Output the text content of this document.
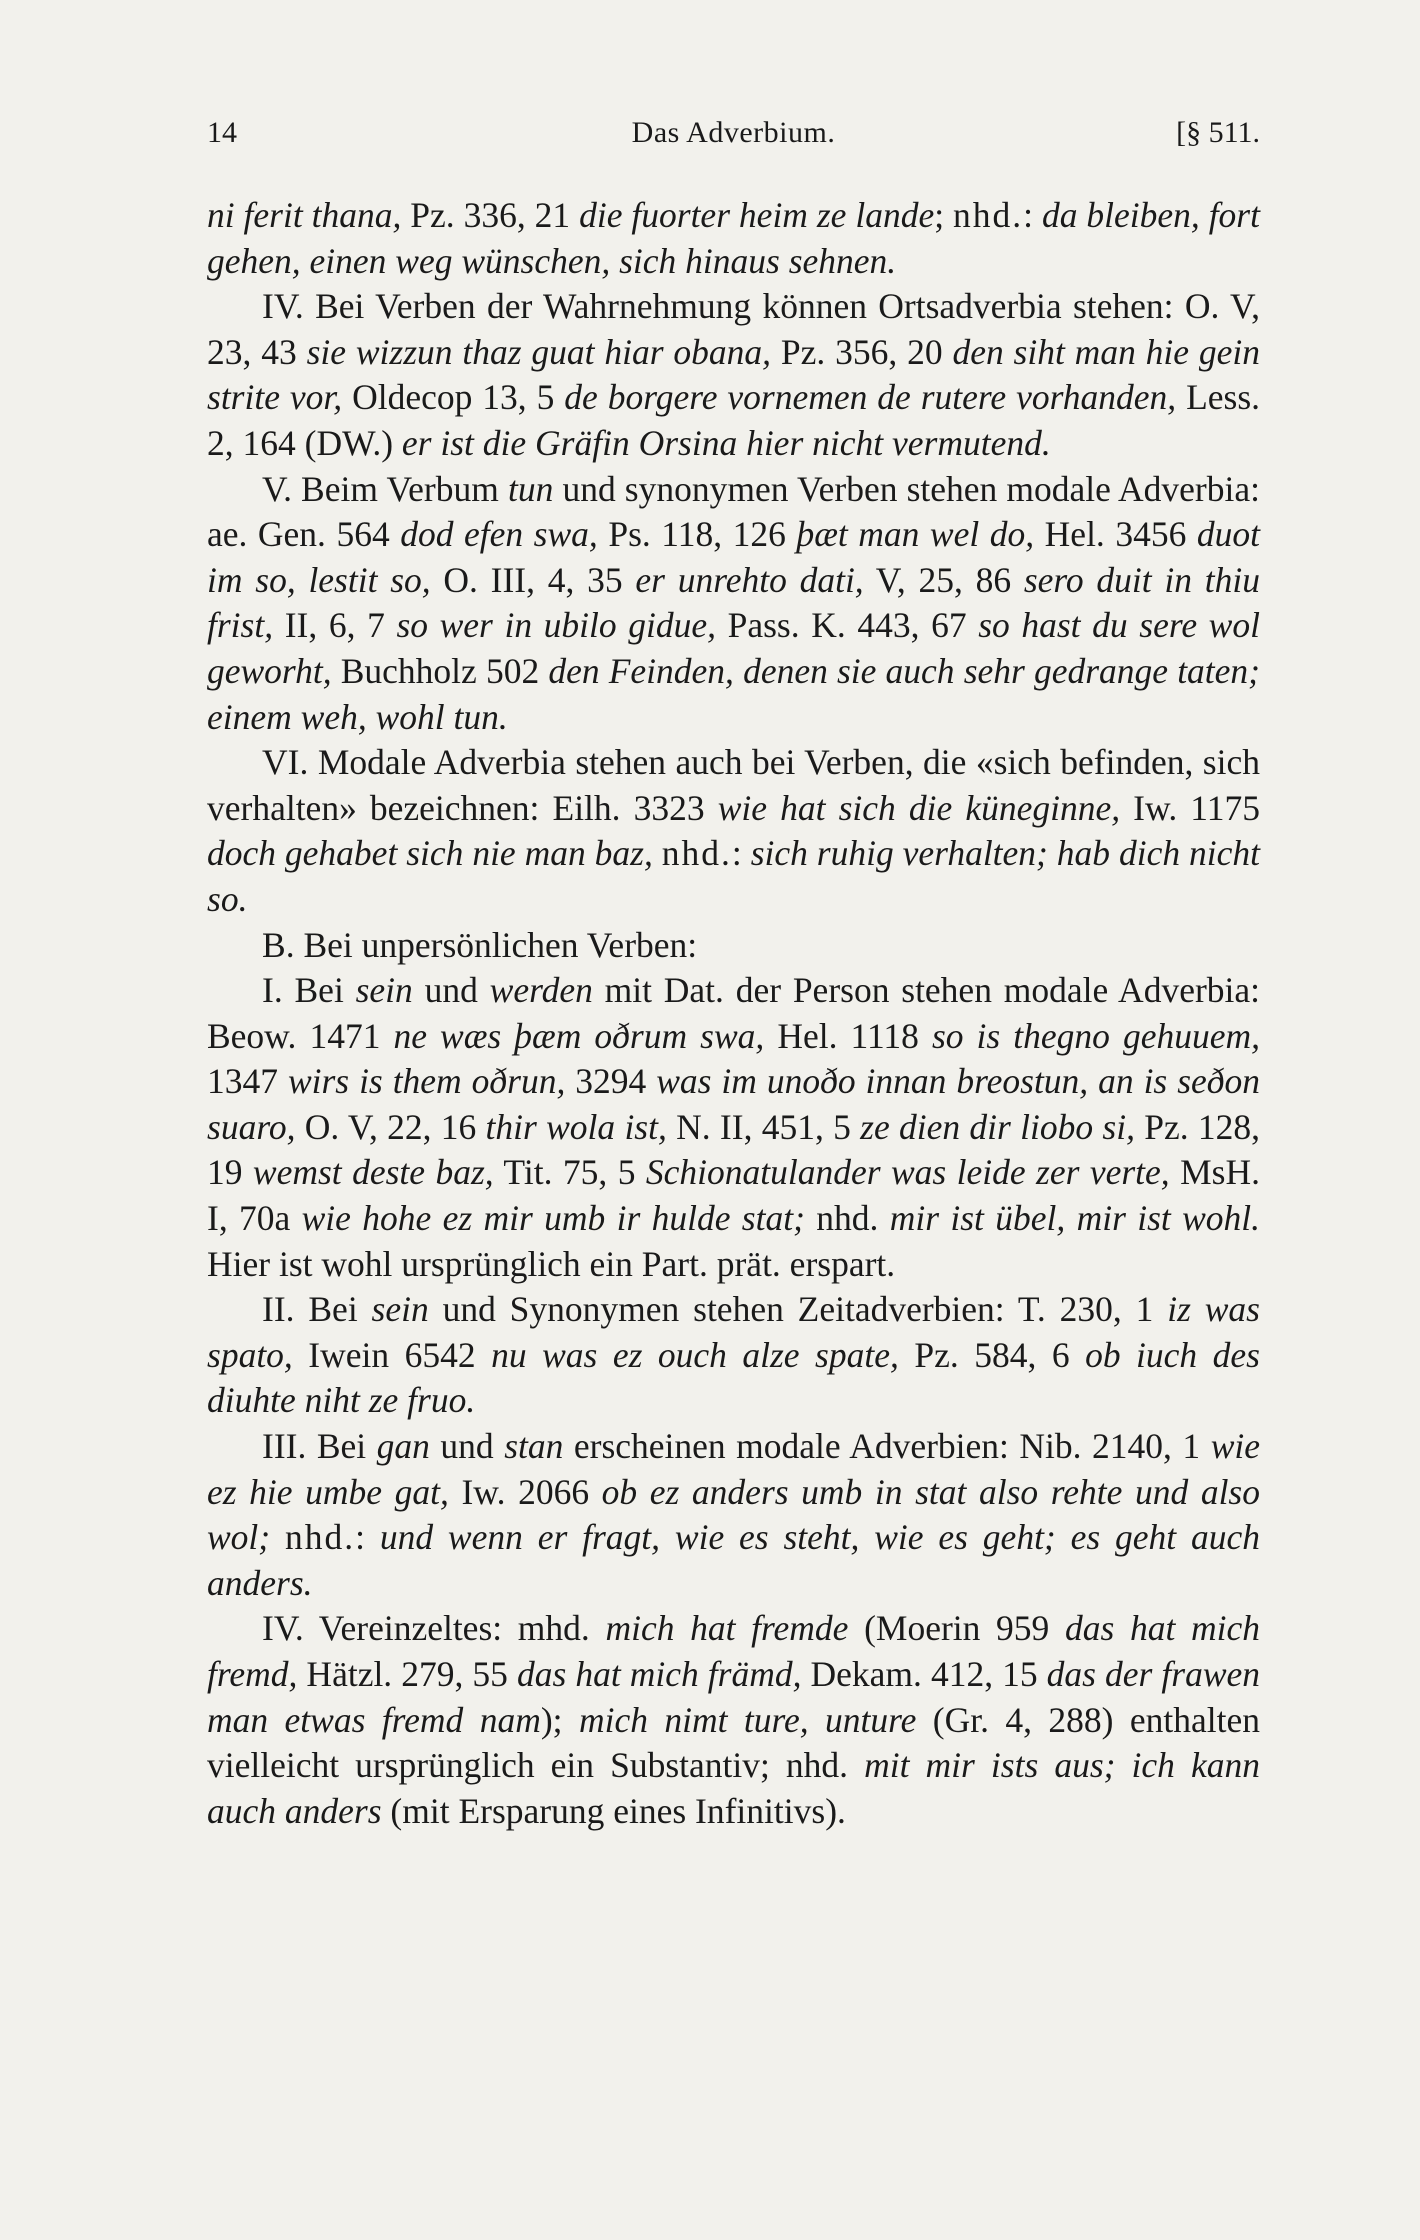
14	Das Adverbium.	[§ 511.

ni ferit thana, Pz. 336, 21 die fuorter heim ze lande; nhd.: da bleiben, fort gehen, einen weg wünschen, sich hinaus sehnen.

IV. Bei Verben der Wahrnehmung können Ortsadverbia stehen: O. V, 23, 43 sie wizzun thaz guat hiar obana, Pz. 356, 20 den siht man hie gein strite vor, Oldecop 13, 5 de borgere vornemen de rutere vorhanden, Less. 2, 164 (DW.) er ist die Gräfin Orsina hier nicht vermutend.

V. Beim Verbum tun und synonymen Verben stehen modale Adverbia: ae. Gen. 564 dod efen swa, Ps. 118, 126 þæt man wel do, Hel. 3456 duot im so, lestit so, O. III, 4, 35 er unrehto dati, V, 25, 86 sero duit in thiu frist, II, 6, 7 so wer in ubilo gidue, Pass. K. 443, 67 so hast du sere wol geworht, Buchholz 502 den Feinden, denen sie auch sehr gedrange taten; einem weh, wohl tun.

VI. Modale Adverbia stehen auch bei Verben, die «sich befinden, sich verhalten» bezeichnen: Eilh. 3323 wie hat sich die küneginne, Iw. 1175 doch gehabet sich nie man baz, nhd.: sich ruhig verhalten; hab dich nicht so.

B. Bei unpersönlichen Verben:

I. Bei sein und werden mit Dat. der Person stehen modale Adverbia: Beow. 1471 ne wæs þæm oðrum swa, Hel. 1118 so is thegno gehuuem, 1347 wirs is them oðrun, 3294 was im unoðo innan breostun, an is seðon suaro, O. V, 22, 16 thir wola ist, N. II, 451, 5 ze dien dir liobo si, Pz. 128, 19 wemst deste baz, Tit. 75, 5 Schionatulander was leide zer verte, MsH. I, 70a wie hohe ez mir umb ir hulde stat; nhd. mir ist übel, mir ist wohl. Hier ist wohl ursprünglich ein Part. prät. erspart.

II. Bei sein und Synonymen stehen Zeitadverbien: T. 230, 1 iz was spato, Iwein 6542 nu was ez ouch alze spate, Pz. 584, 6 ob iuch des diuhte niht ze fruo.

III. Bei gan und stan erscheinen modale Adverbien: Nib. 2140, 1 wie ez hie umbe gat, Iw. 2066 ob ez anders umb in stat also rehte und also wol; nhd.: und wenn er fragt, wie es steht, wie es geht; es geht auch anders.

IV. Vereinzeltes: mhd. mich hat fremde (Moerin 959 das hat mich fremd, Hätzl. 279, 55 das hat mich främd, Dekam. 412, 15 das der frawen man etwas fremd nam); mich nimt ture, unture (Gr. 4, 288) enthalten vielleicht ursprünglich ein Substantiv; nhd. mit mir ists aus; ich kann auch anders (mit Ersparung eines Infinitivs).
